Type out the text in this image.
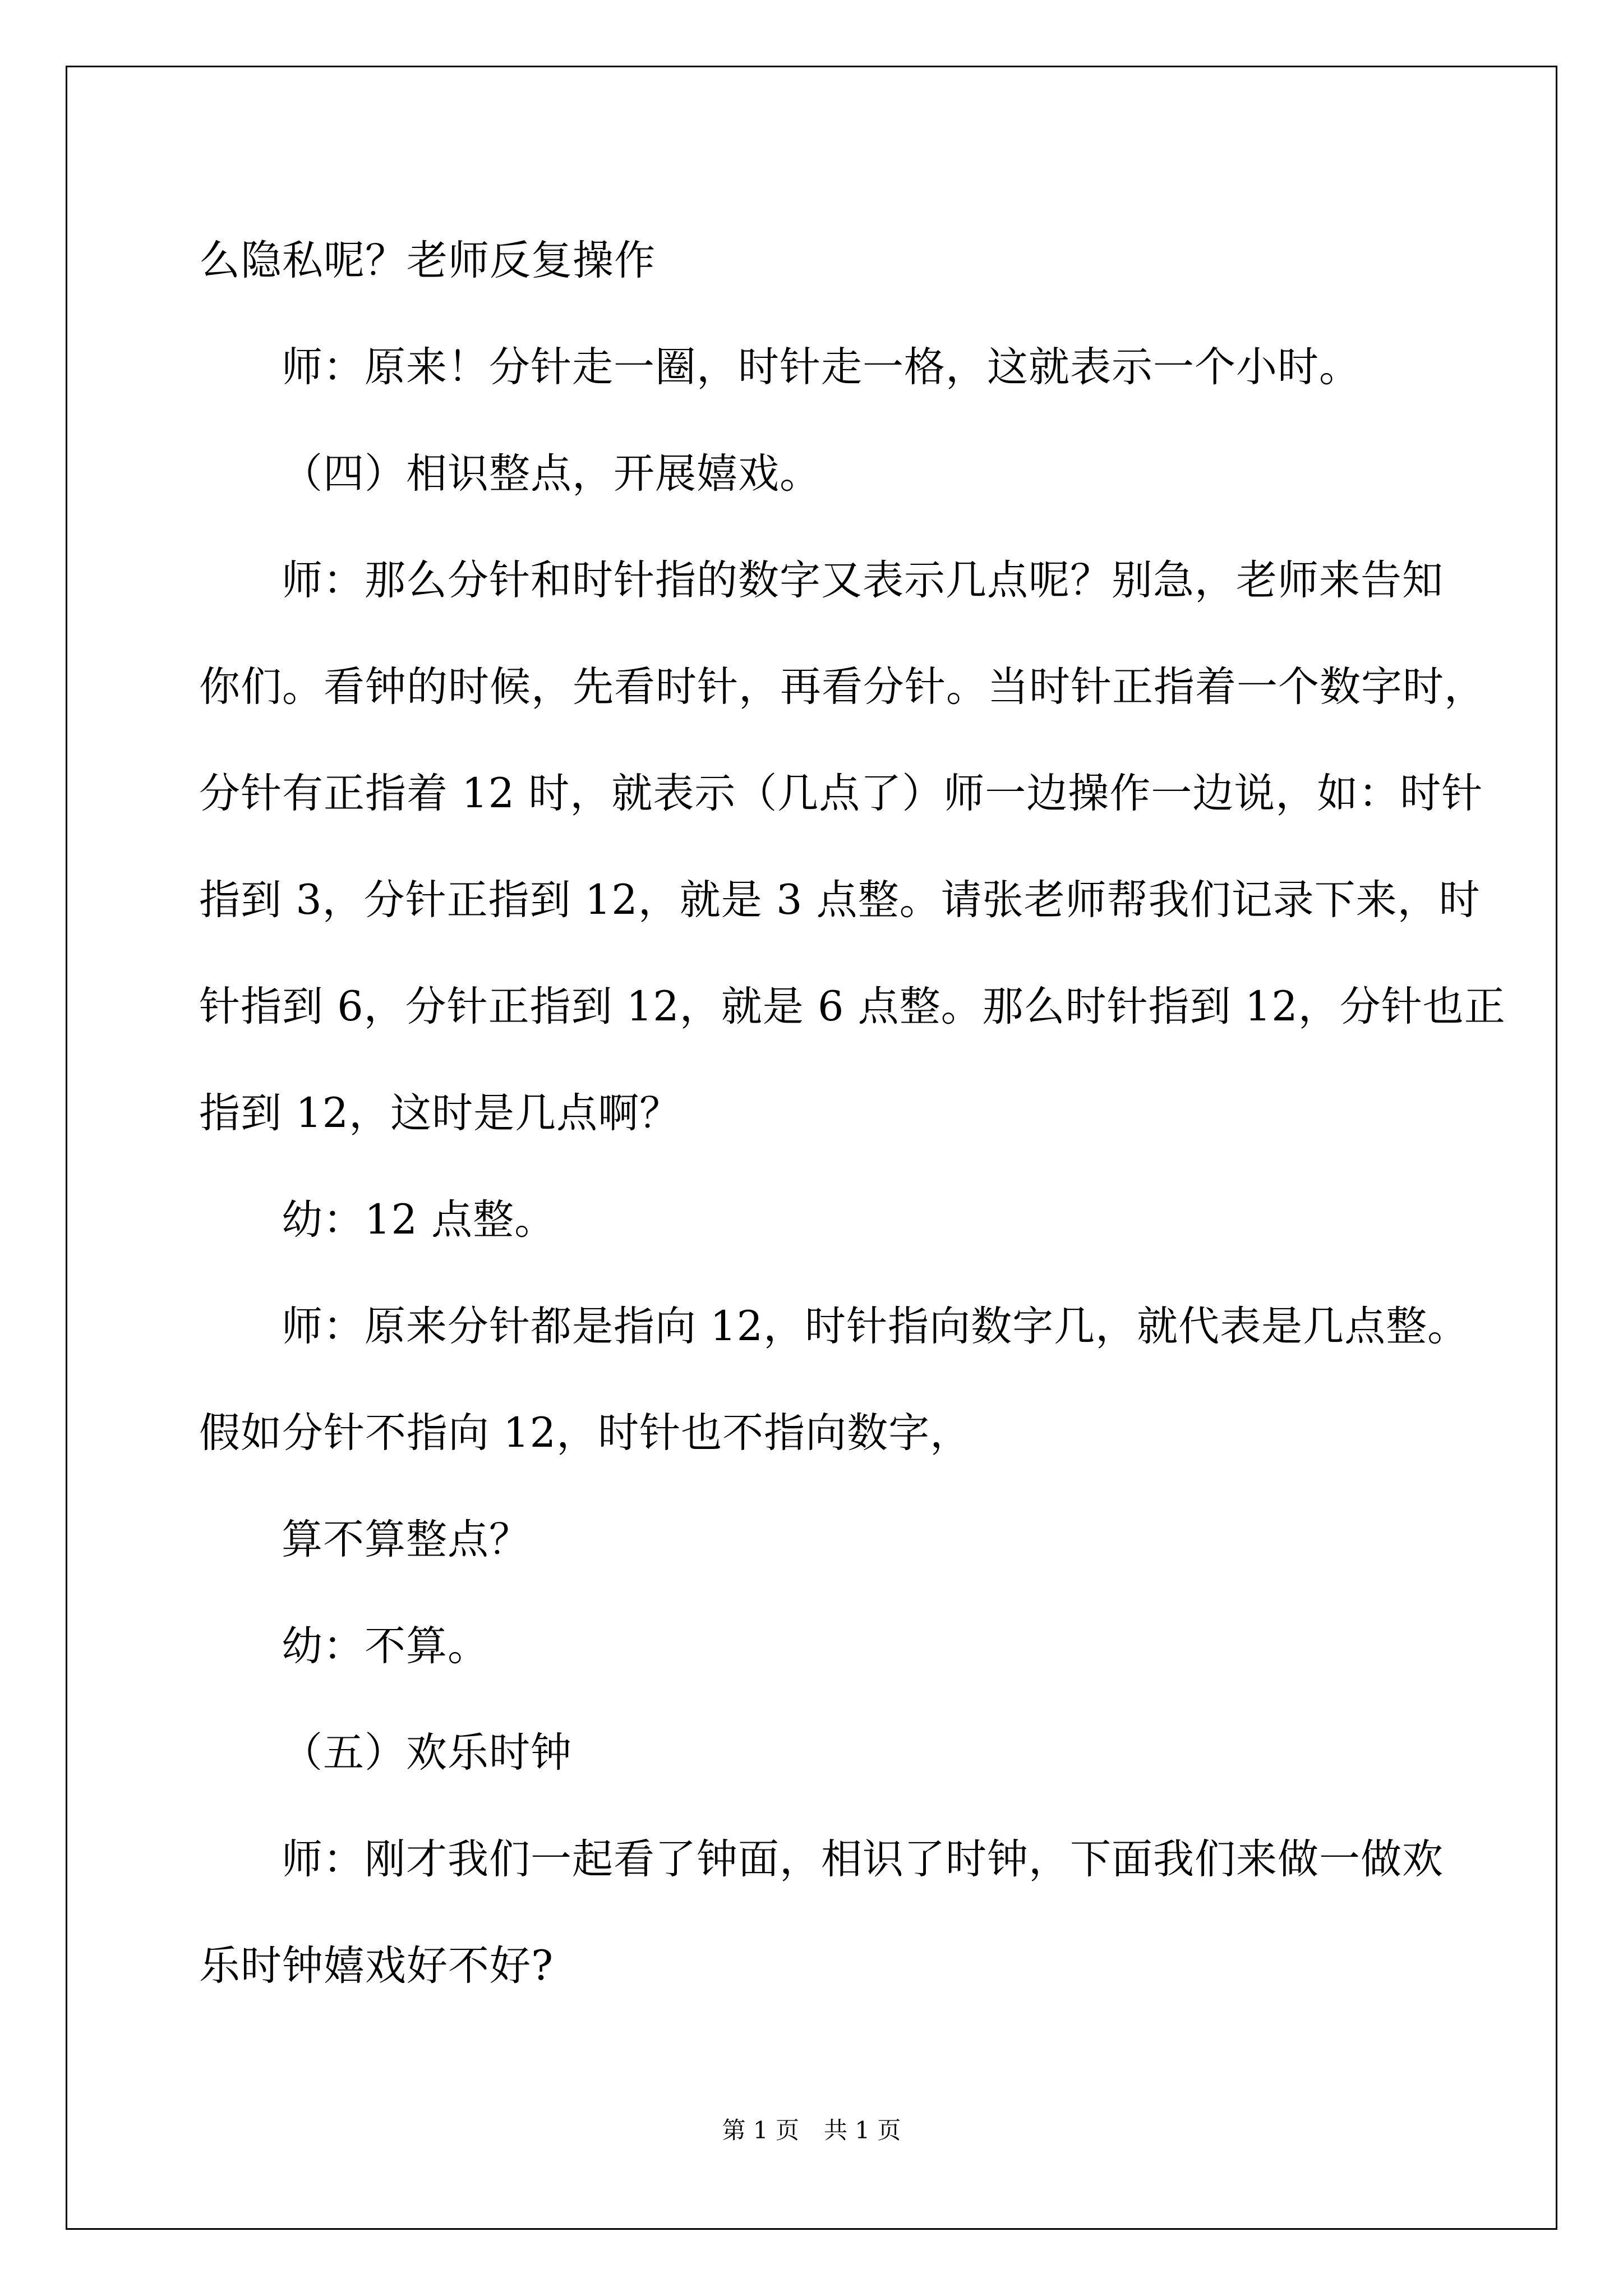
么隐私呢？老师反复操作
师：原来！分针走一圈，时针走一格，这就表示一个小时。
（四）相识整点，开展嬉戏。
师：那么分针和时针指的数字又表示几点呢？别急，老师来告知
你们。看钟的时候，先看时针，再看分针。当时针正指着一个数字时，
分针有正指着 12 时，就表示（几点了）师一边操作一边说，如：时针
指到 3，分针正指到 12，就是 3 点整。请张老师帮我们记录下来，时
针指到 6，分针正指到 12，就是 6 点整。那么时针指到 12，分针也正
指到 12，这时是几点啊？
幼：12 点整。
师：原来分针都是指向 12，时针指向数字几，就代表是几点整。
假如分针不指向 12，时针也不指向数字，
算不算整点？
幼：不算。
（五）欢乐时钟
师：刚才我们一起看了钟面，相识了时钟，下面我们来做一做欢
乐时钟嬉戏好不好?
第 1 页 共 1 页
